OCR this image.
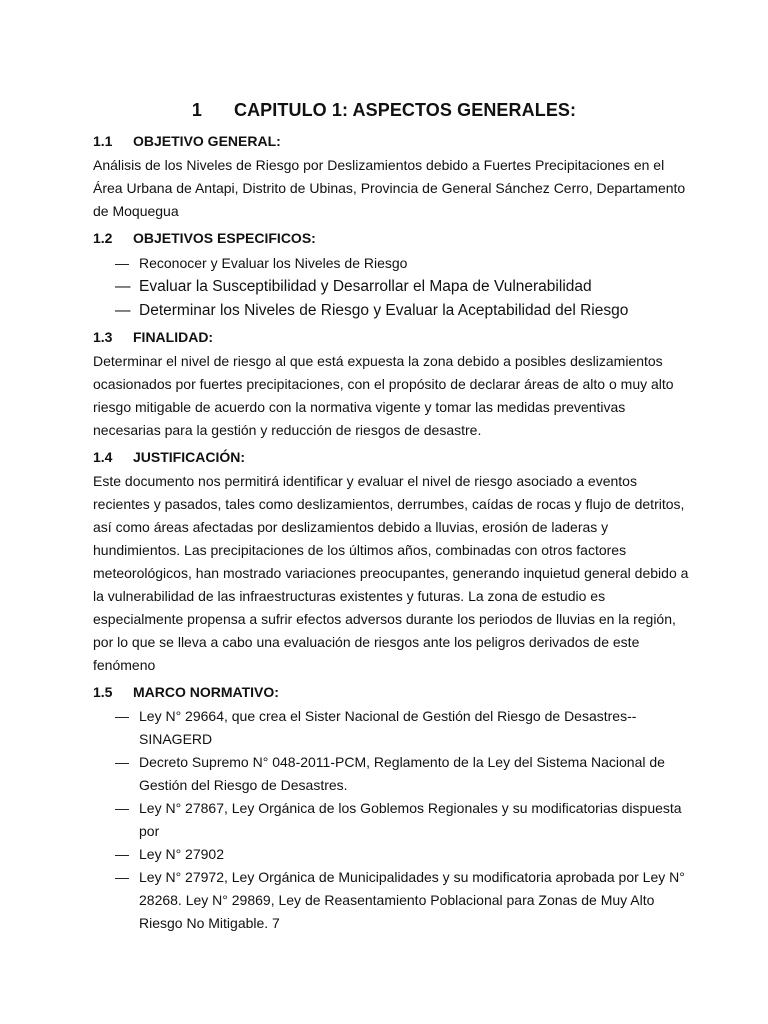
1 CAPITULO 1: ASPECTOS GENERALES:
1.1	OBJETIVO GENERAL:

Análisis de los Niveles de Riesgo por Deslizamientos debido a Fuertes Precipitaciones en el Área Urbana de Antapi, Distrito de Ubinas, Provincia de General Sánchez Cerro, Departamento de Moquegua

1.2	OBJETIVOS ESPECIFICOS:
— Reconocer y Evaluar los Niveles de Riesgo
— Evaluar la Susceptibilidad y Desarrollar el Mapa de Vulnerabilidad
— Determinar los Niveles de Riesgo y Evaluar la Aceptabilidad del Riesgo
1.3	FINALIDAD:

Determinar el nivel de riesgo al que está expuesta la zona debido a posibles deslizamientos ocasionados por fuertes precipitaciones, con el propósito de declarar áreas de alto o muy alto riesgo mitigable de acuerdo con la normativa vigente y tomar las medidas preventivas necesarias para la gestión y reducción de riesgos de desastre.

1.4	JUSTIFICACIÓN:

Este documento nos permitirá identificar y evaluar el nivel de riesgo asociado a eventos recientes y pasados, tales como deslizamientos, derrumbes, caídas de rocas y flujo de detritos, así como áreas afectadas por deslizamientos debido a lluvias, erosión de laderas y hundimientos. Las precipitaciones de los últimos años, combinadas con otros factores meteorológicos, han mostrado variaciones preocupantes, generando inquietud general debido a la vulnerabilidad de las infraestructuras existentes y futuras. La zona de estudio es especialmente propensa a sufrir efectos adversos durante los periodos de lluvias en la región, por lo que se lleva a cabo una evaluación de riesgos ante los peligros derivados de este fenómeno

1.5	MARCO NORMATIVO:
— Ley N° 29664, que crea el Sister Nacional de Gestión del Riesgo de Desastres-- SINAGERD
— Decreto Supremo N° 048-2011-PCM, Reglamento de la Ley del Sistema Nacional de Gestión del Riesgo de Desastres.
— Ley N° 27867, Ley Orgánica de los Goblemos Regionales y su modificatorias dispuesta por
— Ley N° 27902
— Ley N° 27972, Ley Orgánica de Municipalidades y su modificatoria aprobada por Ley N° 28268. Ley N° 29869, Ley de Reasentamiento Poblacional para Zonas de Muy Alto Riesgo No Mitigable. 7
